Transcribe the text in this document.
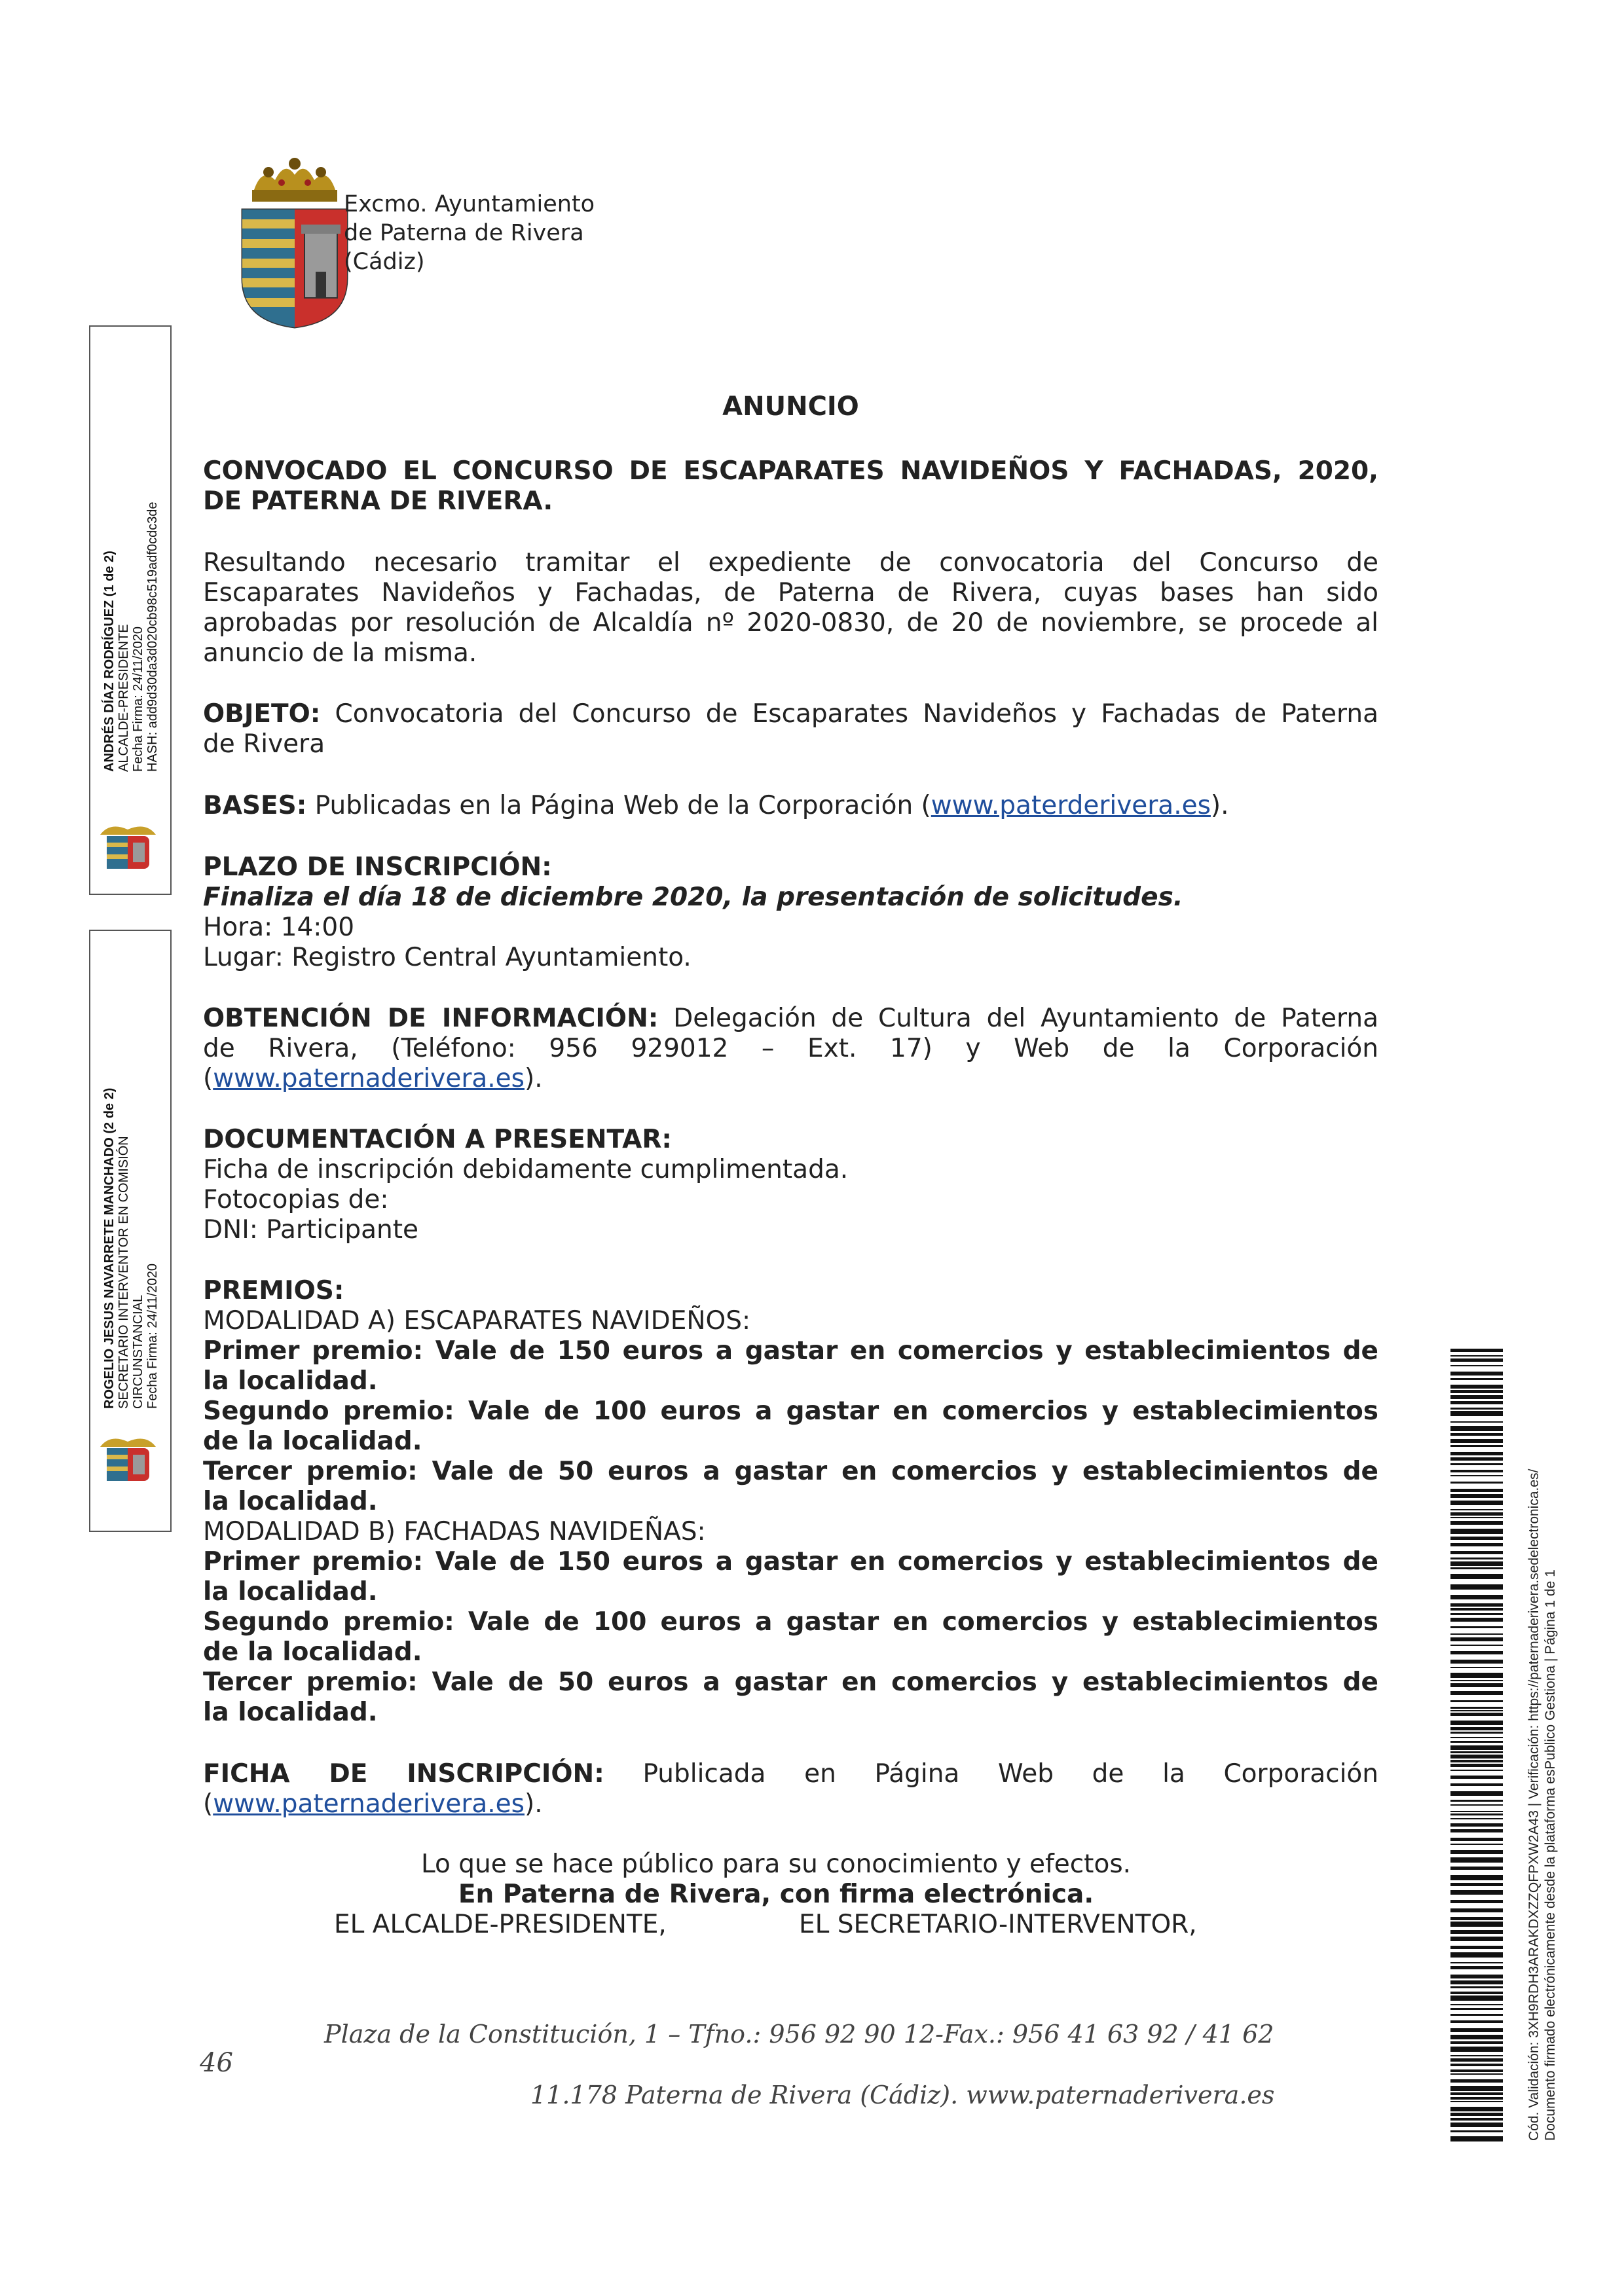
Excmo. Ayuntamiento
de Paterna de Rivera
(Cádiz)
ANUNCIO
CONVOCADO EL CONCURSO DE ESCAPARATES NAVIDEÑOS Y FACHADAS, 2020,
DE PATERNA DE RIVERA.
Resultando necesario tramitar el expediente de convocatoria del Concurso de
Escaparates Navideños y Fachadas, de Paterna de Rivera, cuyas bases han sido
aprobadas por resolución de Alcaldía nº 2020-0830, de 20 de noviembre, se procede al
anuncio de la misma.
OBJETO: Convocatoria del Concurso de Escaparates Navideños y Fachadas de Paterna
de Rivera
BASES: Publicadas en la Página Web de la Corporación (www.paterderivera.es).
PLAZO DE INSCRIPCIÓN:
Finaliza el día 18 de diciembre 2020, la presentación de solicitudes.
Hora: 14:00
Lugar: Registro Central Ayuntamiento.
OBTENCIÓN DE INFORMACIÓN: Delegación de Cultura del Ayuntamiento de Paterna
de Rivera, (Teléfono: 956 929012 – Ext. 17) y Web de la Corporación
(www.paternaderivera.es).
DOCUMENTACIÓN A PRESENTAR:
Ficha de inscripción debidamente cumplimentada.
Fotocopias de:
DNI: Participante
PREMIOS:
MODALIDAD A) ESCAPARATES NAVIDEÑOS:
Primer premio: Vale de 150 euros a gastar en comercios y establecimientos de
la localidad.
Segundo premio: Vale de 100 euros a gastar en comercios y establecimientos
de la localidad.
Tercer premio: Vale de 50 euros a gastar en comercios y establecimientos de
la localidad.
MODALIDAD B) FACHADAS NAVIDEÑAS:
Primer premio: Vale de 150 euros a gastar en comercios y establecimientos de
la localidad.
Segundo premio: Vale de 100 euros a gastar en comercios y establecimientos
de la localidad.
Tercer premio: Vale de 50 euros a gastar en comercios y establecimientos de
la localidad.
FICHA DE INSCRIPCIÓN: Publicada en Página Web de la Corporación
(www.paternaderivera.es).
Lo que se hace público para su conocimiento y efectos.
En Paterna de Rivera, con firma electrónica.
EL ALCALDE-PRESIDENTE,	EL SECRETARIO-INTERVENTOR,
Plaza de la Constitución, 1 – Tfno.: 956 92 90 12-Fax.: 956 41 63 92 / 41 62
46
11.178 Paterna de Rivera (Cádiz). www.paternaderivera.es
ANDRÉS DÍAZ RODRÍGUEZ (1 de 2) ALCALDE-PRESIDENTE Fecha Firma: 24/11/2020 HASH: add9d30da3d020cb98c519adf0cdc3de
ROGELIO JESUS NAVARRETE MANCHADO (2 de 2) SECRETARIO INTERVENTOR EN COMISIÓN CIRCUNSTANCIAL Fecha Firma: 24/11/2020
Cód. Validación: 3XH9RDH3ARAKDXZZQFPXW2A43 | Verificación: https://paternaderivera.sedelectronica.es/ Documento firmado electrónicamente desde la plataforma esPublico Gestiona | Página 1 de 1
